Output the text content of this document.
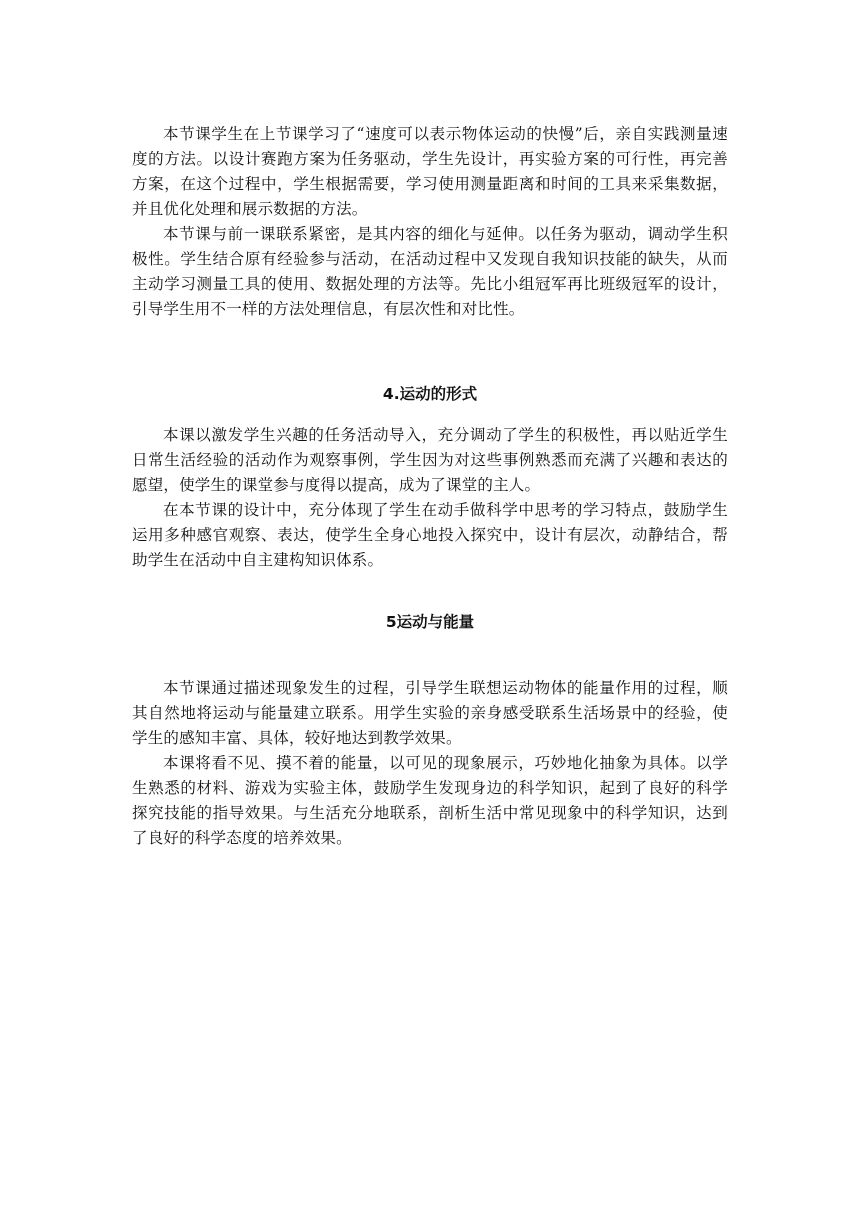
本节课学生在上节课学习了“速度可以表示物体运动的快慢”后，亲自实践测量速度的方法。以设计赛跑方案为任务驱动，学生先设计，再实验方案的可行性，再完善方案，在这个过程中，学生根据需要，学习使用测量距离和时间的工具来采集数据，并且优化处理和展示数据的方法。

本节课与前一课联系紧密，是其内容的细化与延伸。以任务为驱动，调动学生积极性。学生结合原有经验参与活动，在活动过程中又发现自我知识技能的缺失，从而主动学习测量工具的使用、数据处理的方法等。先比小组冠军再比班级冠军的设计，引导学生用不一样的方法处理信息，有层次性和对比性。

4.运动的形式

本课以激发学生兴趣的任务活动导入，充分调动了学生的积极性，再以贴近学生日常生活经验的活动作为观察事例，学生因为对这些事例熟悉而充满了兴趣和表达的愿望，使学生的课堂参与度得以提高，成为了课堂的主人。

在本节课的设计中，充分体现了学生在动手做科学中思考的学习特点，鼓励学生运用多种感官观察、表达，使学生全身心地投入探究中，设计有层次，动静结合，帮助学生在活动中自主建构知识体系。

5运动与能量

本节课通过描述现象发生的过程，引导学生联想运动物体的能量作用的过程，顺其自然地将运动与能量建立联系。用学生实验的亲身感受联系生活场景中的经验，使学生的感知丰富、具体，较好地达到教学效果。

本课将看不见、摸不着的能量，以可见的现象展示，巧妙地化抽象为具体。以学生熟悉的材料、游戏为实验主体，鼓励学生发现身边的科学知识，起到了良好的科学探究技能的指导效果。与生活充分地联系，剖析生活中常见现象中的科学知识，达到了良好的科学态度的培养效果。
